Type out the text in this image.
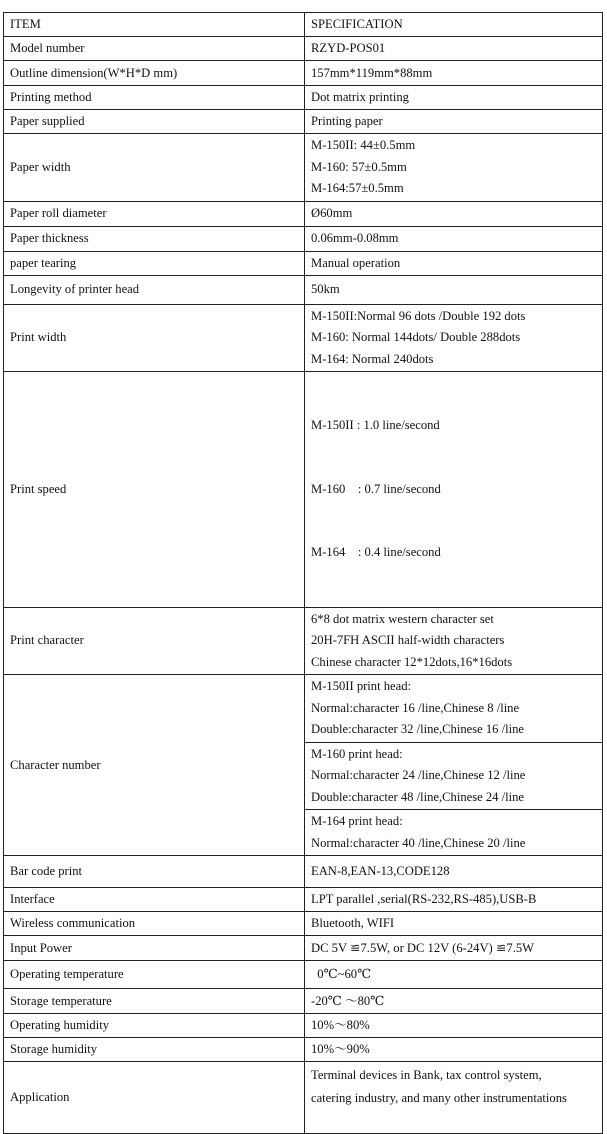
ITEM	SPECIFICATION
Model number	RZYD-POS01
Outline dimension(W*H*D mm)	157mm*119mm*88mm
Printing method	Dot matrix printing
Paper supplied	Printing paper
Paper width	M-150II: 44±0.5mm
M-160: 57±0.5mm
M-164:57±0.5mm

Paper roll diameter	Ø60mm
Paper thickness	0.06mm-0.08mm
paper tearing	Manual operation
Longevity of printer head	50km
Print width	M-150II:Normal 96 dots /Double 192 dots
M-160: Normal 144dots/ Double 288dots
M-164: Normal 240dots

Print speed	M-150II : 1.0 line/second

M-160    : 0.7 line/second

M-164    : 0.4 line/second

Print character	6*8 dot matrix western character set
20H-7FH ASCII half-width characters
Chinese character 12*12dots,16*16dots

Character number	M-150II print head:
Normal:character 16 /line,Chinese 8 /line
Double:character 32 /line,Chinese 16 /line

	M-160 print head:
Normal:character 24 /line,Chinese 12 /line
Double:character 48 /line,Chinese 24 /line

	M-164 print head:
Normal:character 40 /line,Chinese 20 /line

Bar code print	EAN-8,EAN-13,CODE128
Interface	LPT parallel ,serial(RS-232,RS-485),USB-B
Wireless communication	Bluetooth, WIFI
Input Power	DC 5V ≌7.5W, or DC 12V (6-24V) ≌7.5W
Operating temperature	0℃~60℃
Storage temperature	-20℃ ～80℃
Operating humidity	10%～80%
Storage humidity	10%～90%
Application	Terminal devices in Bank, tax control system,
catering industry, and many other instrumentations
